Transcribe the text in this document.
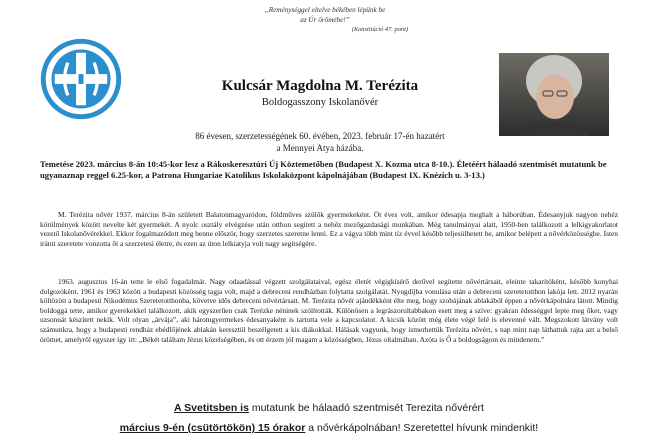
„Reménységgel eltelve békében lépünk be
az Úr örömébe!”
(Konstitúció 47. pont)
Kulcsár Magdolna M. Terézita
Boldogasszony Iskolanővér
86 évesen, szerzetességének 60. évében, 2023. február 17-én hazatért
a Mennyei Atya házába.
Temetése 2023. március 8-án 10:45-kor lesz a Rákoskeresztúri Új Köztemetőben (Budapest X. Kozma utca 8-10.). Életéért hálaadó szentmisét mutatunk be ugyanaznap reggel 6.25-kor, a Patrona Hungariae Katolikus Iskolaközpont kápolnájában (Budapest IX. Knézich u. 3-13.)
M. Terézita nővér 1937. március 8-án született Balatonmagyaródon, földműves szülők gyermekeként. Öt éves volt, amikor édesapja meghalt a háborúban. Édesanyjuk nagyon nehéz körülmények között nevelte két gyermekét. A nyolc osztály elvégzése után otthon segített a nehéz mezőgazdasági munkában. Még tanulmányai alatt, 1950-ben találkozott a lelkigyakorlatot vezető Iskolanővérekkel. Ekkor fogalmazódott meg benne először, hogy szerzetes szeretne lenni. Ez a vágya több mint tíz évvel később teljesülhetett be, amikor belépett a nővérközösségbe. Isten iránti szeretete vonzotta őt a szerzetesi életre, és ezen az úton lelkiatyja volt nagy segítségére.
1963. augusztus 16-án tette le első fogadalmát. Nagy odaadással végzett szolgálataival, egész életét végigkísérő derűvel segítette nővértársait, eleinte takarítóként, később konyhai dolgozóként. 1961 és 1963 között a budapesti közösség tagja volt, majd a debreceni rendházban folytatta szolgálatát. Nyugdíjba vonulása után a debreceni szeretetotthon lakója lett. 2012 nyarán költözött a budapesti Nikodémus Szeretetotthonba, követve idős debreceni nővértársait. M. Terézita nővér ajándékként élte meg, hogy szobájának ablakából éppen a nővérkápolnára látott. Mindig boldoggá tette, amikor gyerekekkel találkozott, akik egyszerűen csak Teréz​ke néninek szólították. Különösen a legrászorultabbakon esett meg a szíve: gyakran édességgel lepte meg őket, vagy uzsonnát készített nekik. Volt olyan „árvája”, aki háromgyermekes édesanyaként is tartotta vele a kapcsolatot. A kicsik között még élete végé felé is elevenné vált. Megszokott látvány volt számunkra, hogy a budapesti rendház ebédlőjének ablakán keresztül beszélgetett a kis diákokkal. Hálásak vagyunk, hogy ismerhettük Terézita nővért, s nap mint nap láthattuk rajta azt a belső örömet, amelyről egyszer így írt: „Békét találtam Jézus közelségében, és ott érzem jól magam a közösségben, Jézus oltalmában. Azóta is Ő a boldogságom és mindenem.”
A Svetitsben is mutatunk be hálaadó szentmisét Terezita nővérért
március 9-én (csütörtökön) 15 órakor a nővérkápolnában! Szeretettel hívunk mindenkit!
